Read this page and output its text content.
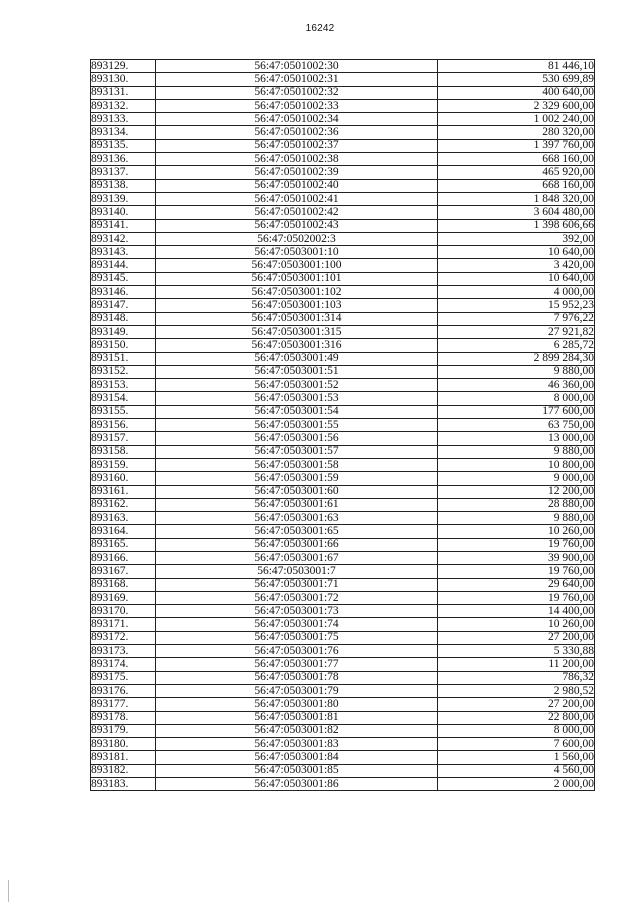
16242
893129.	56:47:0501002:30	81 446,10
893130.	56:47:0501002:31	530 699,89
893131.	56:47:0501002:32	400 640,00
893132.	56:47:0501002:33	2 329 600,00
893133.	56:47:0501002:34	1 002 240,00
893134.	56:47:0501002:36	280 320,00
893135.	56:47:0501002:37	1 397 760,00
893136.	56:47:0501002:38	668 160,00
893137.	56:47:0501002:39	465 920,00
893138.	56:47:0501002:40	668 160,00
893139.	56:47:0501002:41	1 848 320,00
893140.	56:47:0501002:42	3 604 480,00
893141.	56:47:0501002:43	1 398 606,66
893142.	56:47:0502002:3	392,00
893143.	56:47:0503001:10	10 640,00
893144.	56:47:0503001:100	3 420,00
893145.	56:47:0503001:101	10 640,00
893146.	56:47:0503001:102	4 000,00
893147.	56:47:0503001:103	15 952,23
893148.	56:47:0503001:314	7 976,22
893149.	56:47:0503001:315	27 921,82
893150.	56:47:0503001:316	6 285,72
893151.	56:47:0503001:49	2 899 284,30
893152.	56:47:0503001:51	9 880,00
893153.	56:47:0503001:52	46 360,00
893154.	56:47:0503001:53	8 000,00
893155.	56:47:0503001:54	177 600,00
893156.	56:47:0503001:55	63 750,00
893157.	56:47:0503001:56	13 000,00
893158.	56:47:0503001:57	9 880,00
893159.	56:47:0503001:58	10 800,00
893160.	56:47:0503001:59	9 000,00
893161.	56:47:0503001:60	12 200,00
893162.	56:47:0503001:61	28 880,00
893163.	56:47:0503001:63	9 880,00
893164.	56:47:0503001:65	10 260,00
893165.	56:47:0503001:66	19 760,00
893166.	56:47:0503001:67	39 900,00
893167.	56:47:0503001:7	19 760,00
893168.	56:47:0503001:71	29 640,00
893169.	56:47:0503001:72	19 760,00
893170.	56:47:0503001:73	14 400,00
893171.	56:47:0503001:74	10 260,00
893172.	56:47:0503001:75	27 200,00
893173.	56:47:0503001:76	5 330,88
893174.	56:47:0503001:77	11 200,00
893175.	56:47:0503001:78	786,32
893176.	56:47:0503001:79	2 980,52
893177.	56:47:0503001:80	27 200,00
893178.	56:47:0503001:81	22 800,00
893179.	56:47:0503001:82	8 000,00
893180.	56:47:0503001:83	7 600,00
893181.	56:47:0503001:84	1 560,00
893182.	56:47:0503001:85	4 560,00
893183.	56:47:0503001:86	2 000,00
